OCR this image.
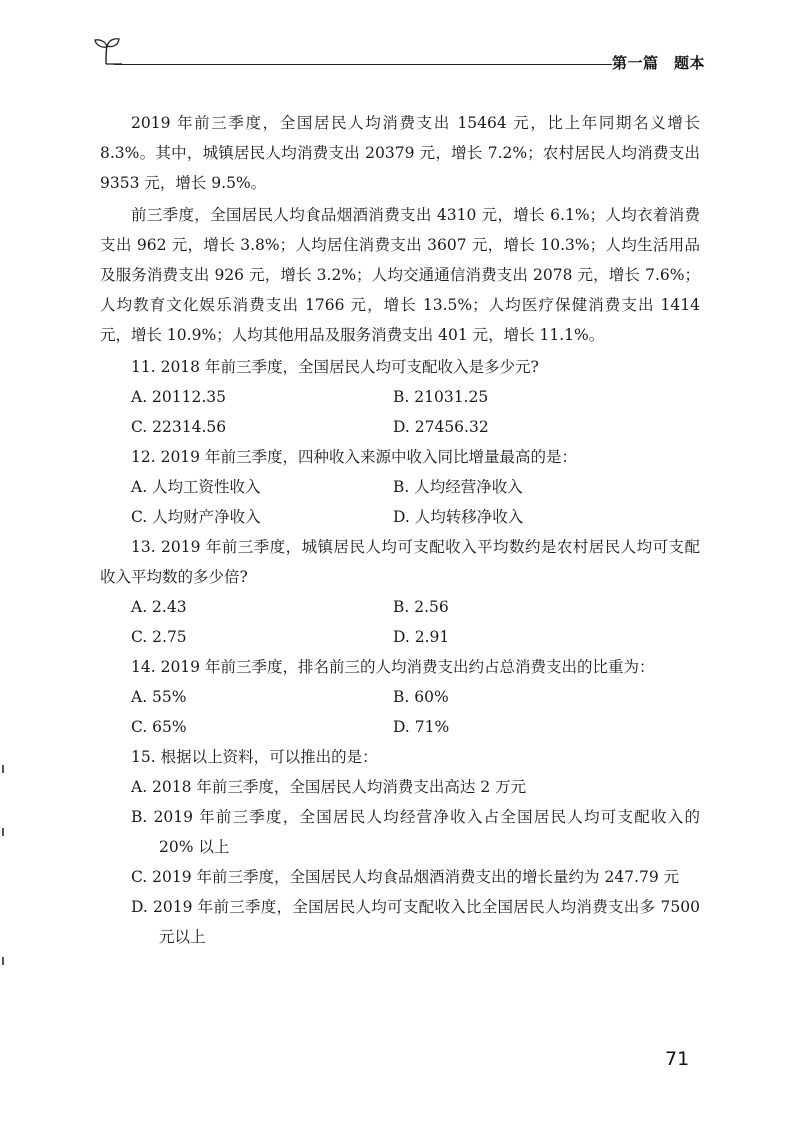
第一篇　题本

2019 年前三季度，全国居民人均消费支出 15464 元，比上年同期名义增长 8.3%。其中，城镇居民人均消费支出 20379 元，增长 7.2%；农村居民人均消费支出 9353 元，增长 9.5%。

前三季度，全国居民人均食品烟酒消费支出 4310 元，增长 6.1%；人均衣着消费支出 962 元，增长 3.8%；人均居住消费支出 3607 元，增长 10.3%；人均生活用品及服务消费支出 926 元，增长 3.2%；人均交通通信消费支出 2078 元，增长 7.6%；人均教育文化娱乐消费支出 1766 元，增长 13.5%；人均医疗保健消费支出 1414 元，增长 10.9%；人均其他用品及服务消费支出 401 元，增长 11.1%。

11. 2018 年前三季度，全国居民人均可支配收入是多少元?

A. 20112.35	B. 21031.25
C. 22314.56	D. 27456.32

12. 2019 年前三季度，四种收入来源中收入同比增量最高的是：

A. 人均工资性收入	B. 人均经营净收入
C. 人均财产净收入	D. 人均转移净收入

13. 2019 年前三季度，城镇居民人均可支配收入平均数约是农村居民人均可支配收入平均数的多少倍?

A. 2.43	B. 2.56
C. 2.75	D. 2.91

14. 2019 年前三季度，排名前三的人均消费支出约占总消费支出的比重为：

A. 55%	B. 60%
C. 65%	D. 71%

15. 根据以上资料，可以推出的是：

A. 2018 年前三季度，全国居民人均消费支出高达 2 万元

B. 2019 年前三季度，全国居民人均经营净收入占全国居民人均可支配收入的 20% 以上

C. 2019 年前三季度，全国居民人均食品烟酒消费支出的增长量约为 247.79 元

D. 2019 年前三季度，全国居民人均可支配收入比全国居民人均消费支出多 7500 元以上

71
